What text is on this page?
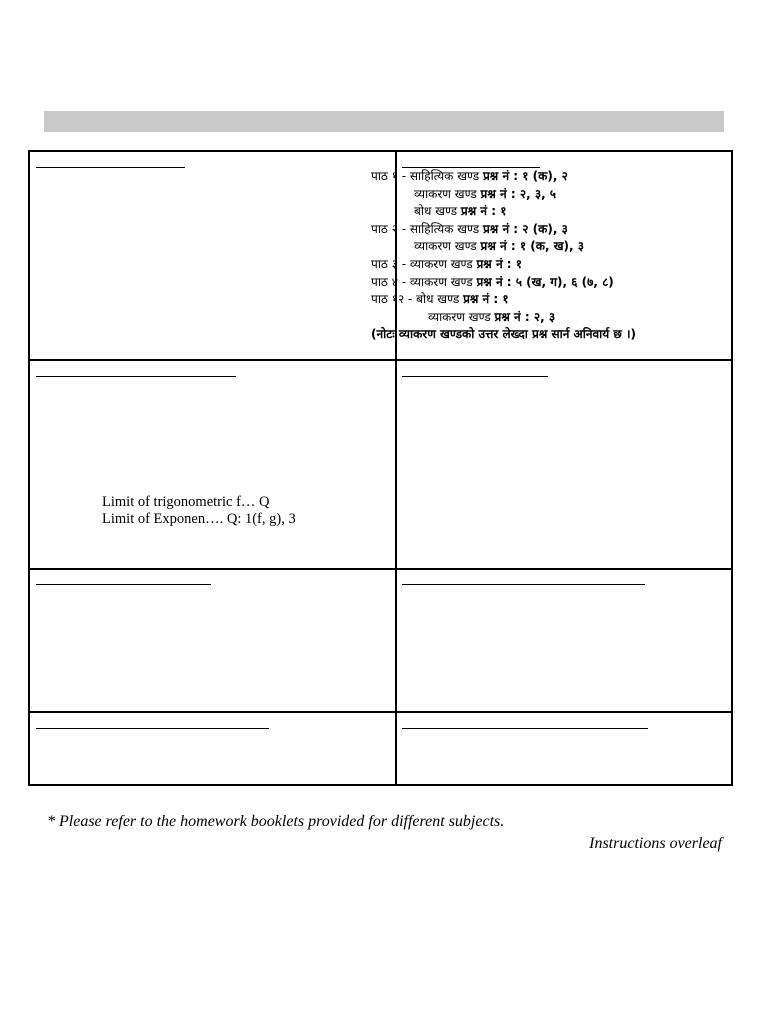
पाठ १ - साहित्यिक खण्ड प्रश्न नं : १ (क), २
व्याकरण खण्ड प्रश्न नं : २, ३, ५
बोध खण्ड प्रश्न नं : १
पाठ २ - साहित्यिक खण्ड प्रश्न नं : २ (क), ३
व्याकरण खण्ड प्रश्न नं : १ (क, ख), ३
पाठ ३ - व्याकरण खण्ड प्रश्न नं : १
पाठ ४ - व्याकरण खण्ड प्रश्न नं : ५ (ख, ग), ६ (७, ८)
पाठ १२ - बोध खण्ड प्रश्न नं : १
व्याकरण खण्ड प्रश्न नं : २, ३
(नोटः व्याकरण खण्डको उत्तर लेख्दा प्रश्न सार्न अनिवार्य छ ।)
Limit of trigonometric f… Q
Limit of Exponen…. Q: 1(f, g), 3
* Please refer to the homework booklets provided for different subjects.
Instructions overleaf
